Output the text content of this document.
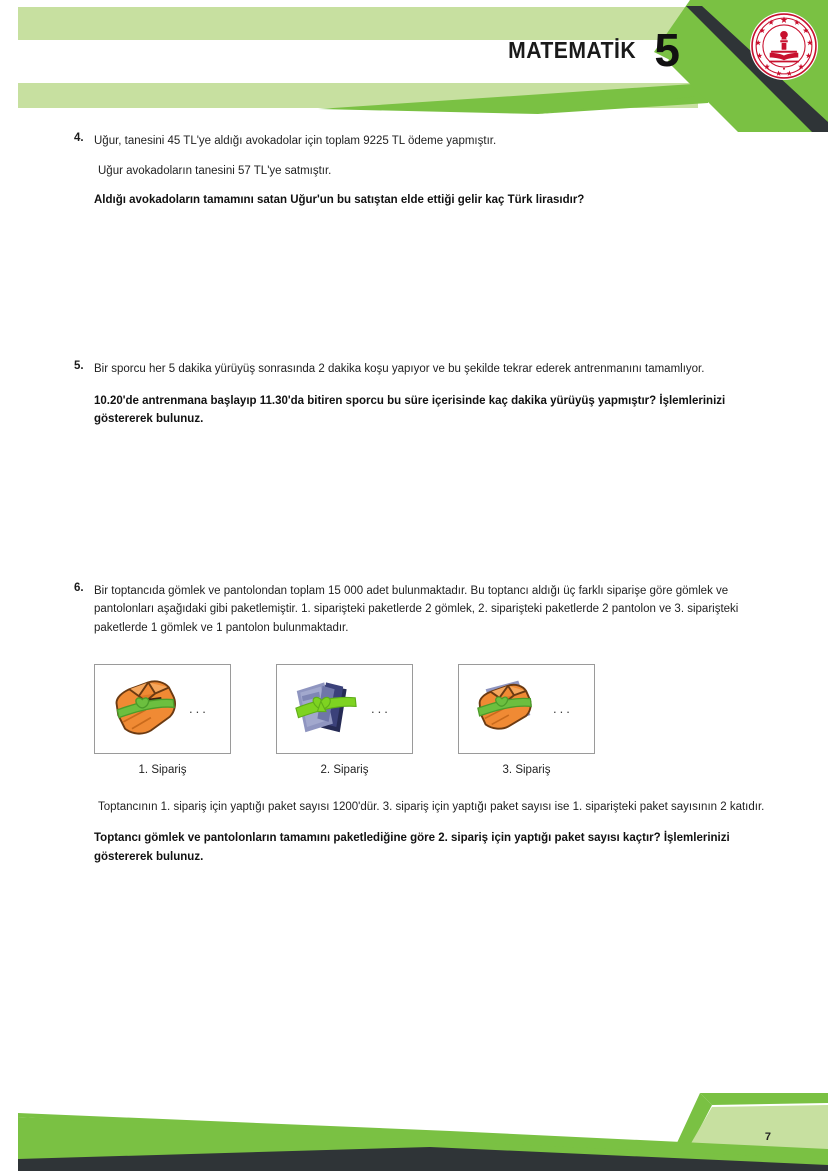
MATEMATİK 5
4. Uğur, tanesini 45 TL'ye aldığı avokadolar için toplam 9225 TL ödeme yapmıştır.

Uğur avokadoların tanesini 57 TL'ye satmıştır.

Aldığı avokadoların tamamını satan Uğur'un bu satıştan elde ettiği gelir kaç Türk lirasıdır?

5. Bir sporcu her 5 dakika yürüyüş sonrasında 2 dakika koşu yapıyor ve bu şekilde tekrar ederek antrenmanını tamamlıyor.

10.20'de antrenmana başlayıp 11.30'da bitiren sporcu bu süre içerisinde kaç dakika yürüyüş yapmıştır? İşlemlerinizi göstererek bulunuz.

6. Bir toptancıda gömlek ve pantolondan toplam 15 000 adet bulunmaktadır. Bu toptancı aldığı üç farklı siparişe göre gömlek ve pantolonları aşağıdaki gibi paketlemiştir. 1. siparişteki paketlerde 2 gömlek, 2. siparişteki paketlerde 2 pantolon ve 3. siparişteki paketlerde 1 gömlek ve 1 pantolon bulunmaktadır.

...
1. Sipariş
...
2. Sipariş
...
3. Sipariş

Toptancının 1. sipariş için yaptığı paket sayısı 1200'dür. 3. sipariş için yaptığı paket sayısı ise 1. siparişteki paket sayısının 2 katıdır.

Toptancı gömlek ve pantolonların tamamını paketlediğine göre 2. sipariş için yaptığı paket sayısı kaçtır? İşlemlerinizi göstererek bulunuz.

7
